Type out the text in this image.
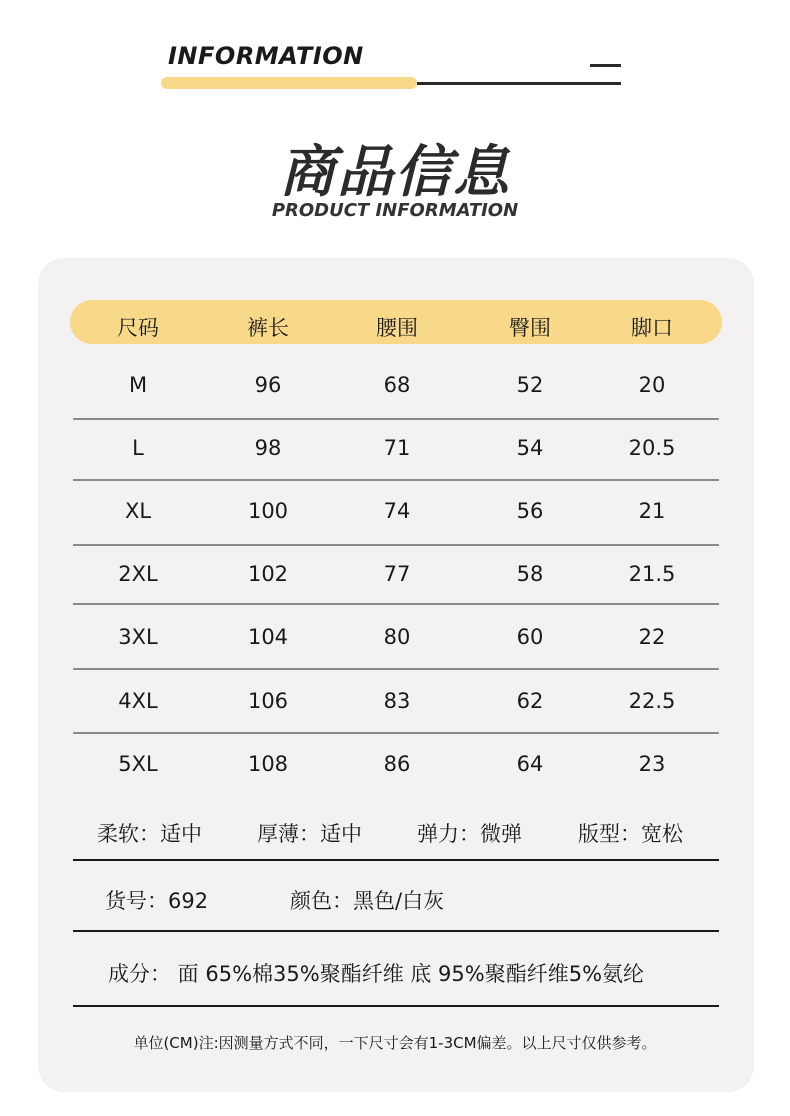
INFORMATION
商品信息
PRODUCT INFORMATION
尺码	裤长	腰围	臀围	脚口
M	96	68	52	20
L	98	71	54	20.5
XL	100	74	56	21
2XL	102	77	58	21.5
3XL	104	80	60	22
4XL	106	83	62	22.5
5XL	108	86	64	23
柔软：适中	厚薄：适中	弹力：微弹	版型：宽松
货号：692	颜色：黑色/白灰
成分： 面 65%棉35%聚酯纤维 底 95%聚酯纤维5%氨纶
单位(CM)注:因测量方式不同，一下尺寸会有1-3CM偏差。以上尺寸仅供参考。
